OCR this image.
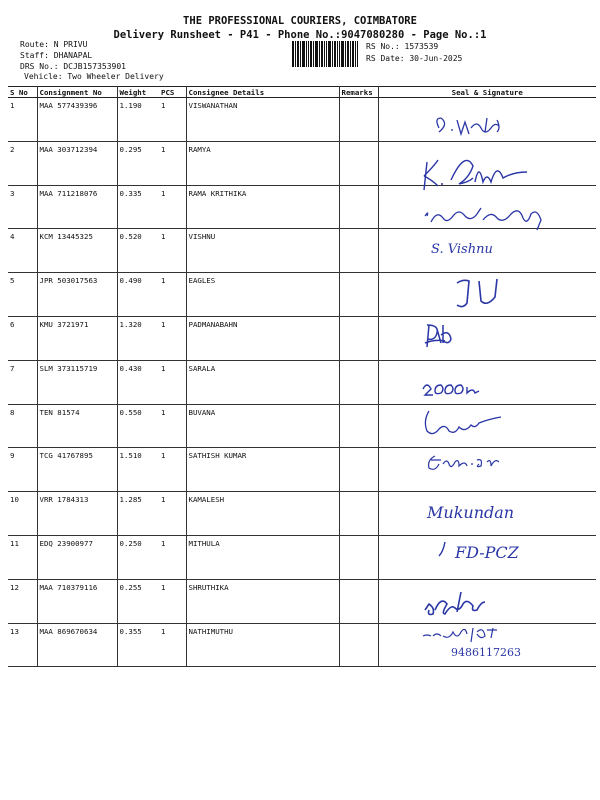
THE PROFESSIONAL COURIERS, COIMBATORE
Delivery Runsheet - P41 - Phone No.:9047080280 - Page No.:1
Route: N PRIVU
Staff: DHANAPAL
DRS No.: DCJB157353901
Vehicle: Two Wheeler Delivery
RS No.: 1573539
RS Date: 30-Jun-2025
S No	Consignment No	Weight	PCS	Consignee Details	Remarks	Seal & Signature
1	MAA 577439396	1.190	1	VISWANATHAN		

2	MAA 303712394	0.295	1	RAMYA		

3	MAA 711218076	0.335	1	RAMA KRITHIKA		

4	KCM 13445325	0.520	1	VISHNU		S. Vishnu

5	JPR 503017563	0.490	1	EAGLES		

6	KMU 3721971	1.320	1	PADMANABAHN		

7	SLM 373115719	0.430	1	SARALA		

8	TEN 81574	0.550	1	BUVANA		

9	TCG 41767895	1.510	1	SATHISH KUMAR		

10	VRR 1784313	1.285	1	KAMALESH		Mukundan

11	EDQ 23900977	0.250	1	MITHULA		FD-PCZ

12	MAA 710379116	0.255	1	SHRUTHIKA		

13	MAA 869670634	0.355	1	NATHIMUTHU		9486117263
